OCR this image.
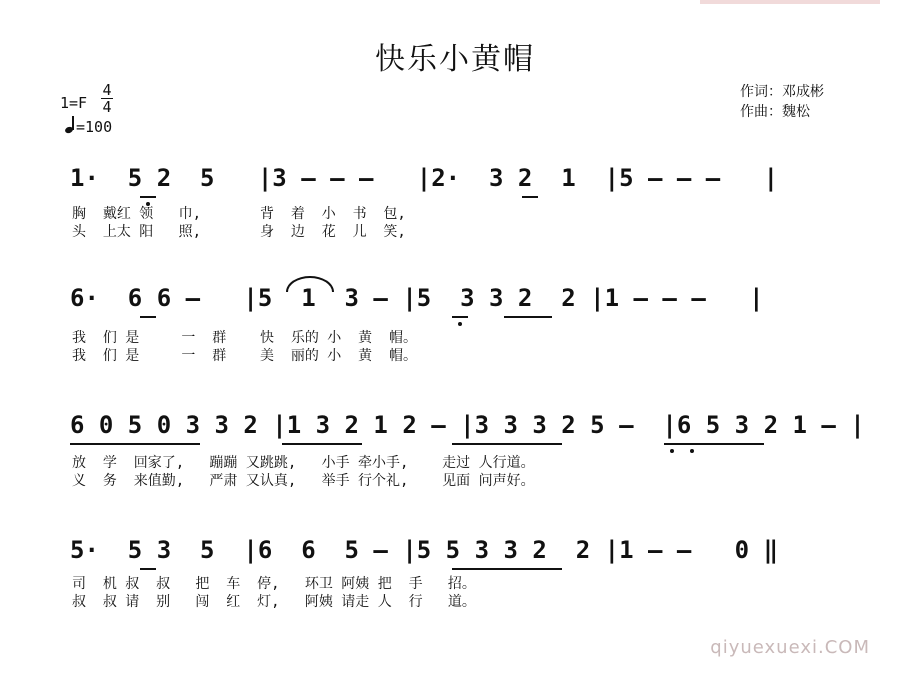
快乐小黄帽
作词：邓成彬
作曲：魏松
1=F
4
4
=100
1·  5 2  5   |3 – – –   |2·  3 2  1  |5 – – –   |
胸  戴红 领   巾,       背  着  小  书  包,
头  上太 阳   照,       身  边  花  儿  笑,
6·  6 6 –   |5  1  3 – |5  3 3 2  2 |1 – – –   |
我  们 是     一  群    快  乐的 小  黄  帽。
我  们 是     一  群    美  丽的 小  黄  帽。
6 0 5 0 3 3 2 |1 3 2 1 2 – |3 3 3 2 5 –  |6 5 3 2 1 – |
放  学  回家了,   蹦蹦 又跳跳,   小手 牵小手,    走过 人行道。
义  务  来值勤,   严肃 又认真,   举手 行个礼,    见面 问声好。
5·  5 3  5  |6  6  5 – |5 5 3 3 2  2 |1 – –   0 ‖
司  机 叔  叔   把  车  停,   环卫 阿姨 把  手   招。
叔  叔 请  别   闯  红  灯,   阿姨 请走 人  行   道。
qiyuexuexi.COM
